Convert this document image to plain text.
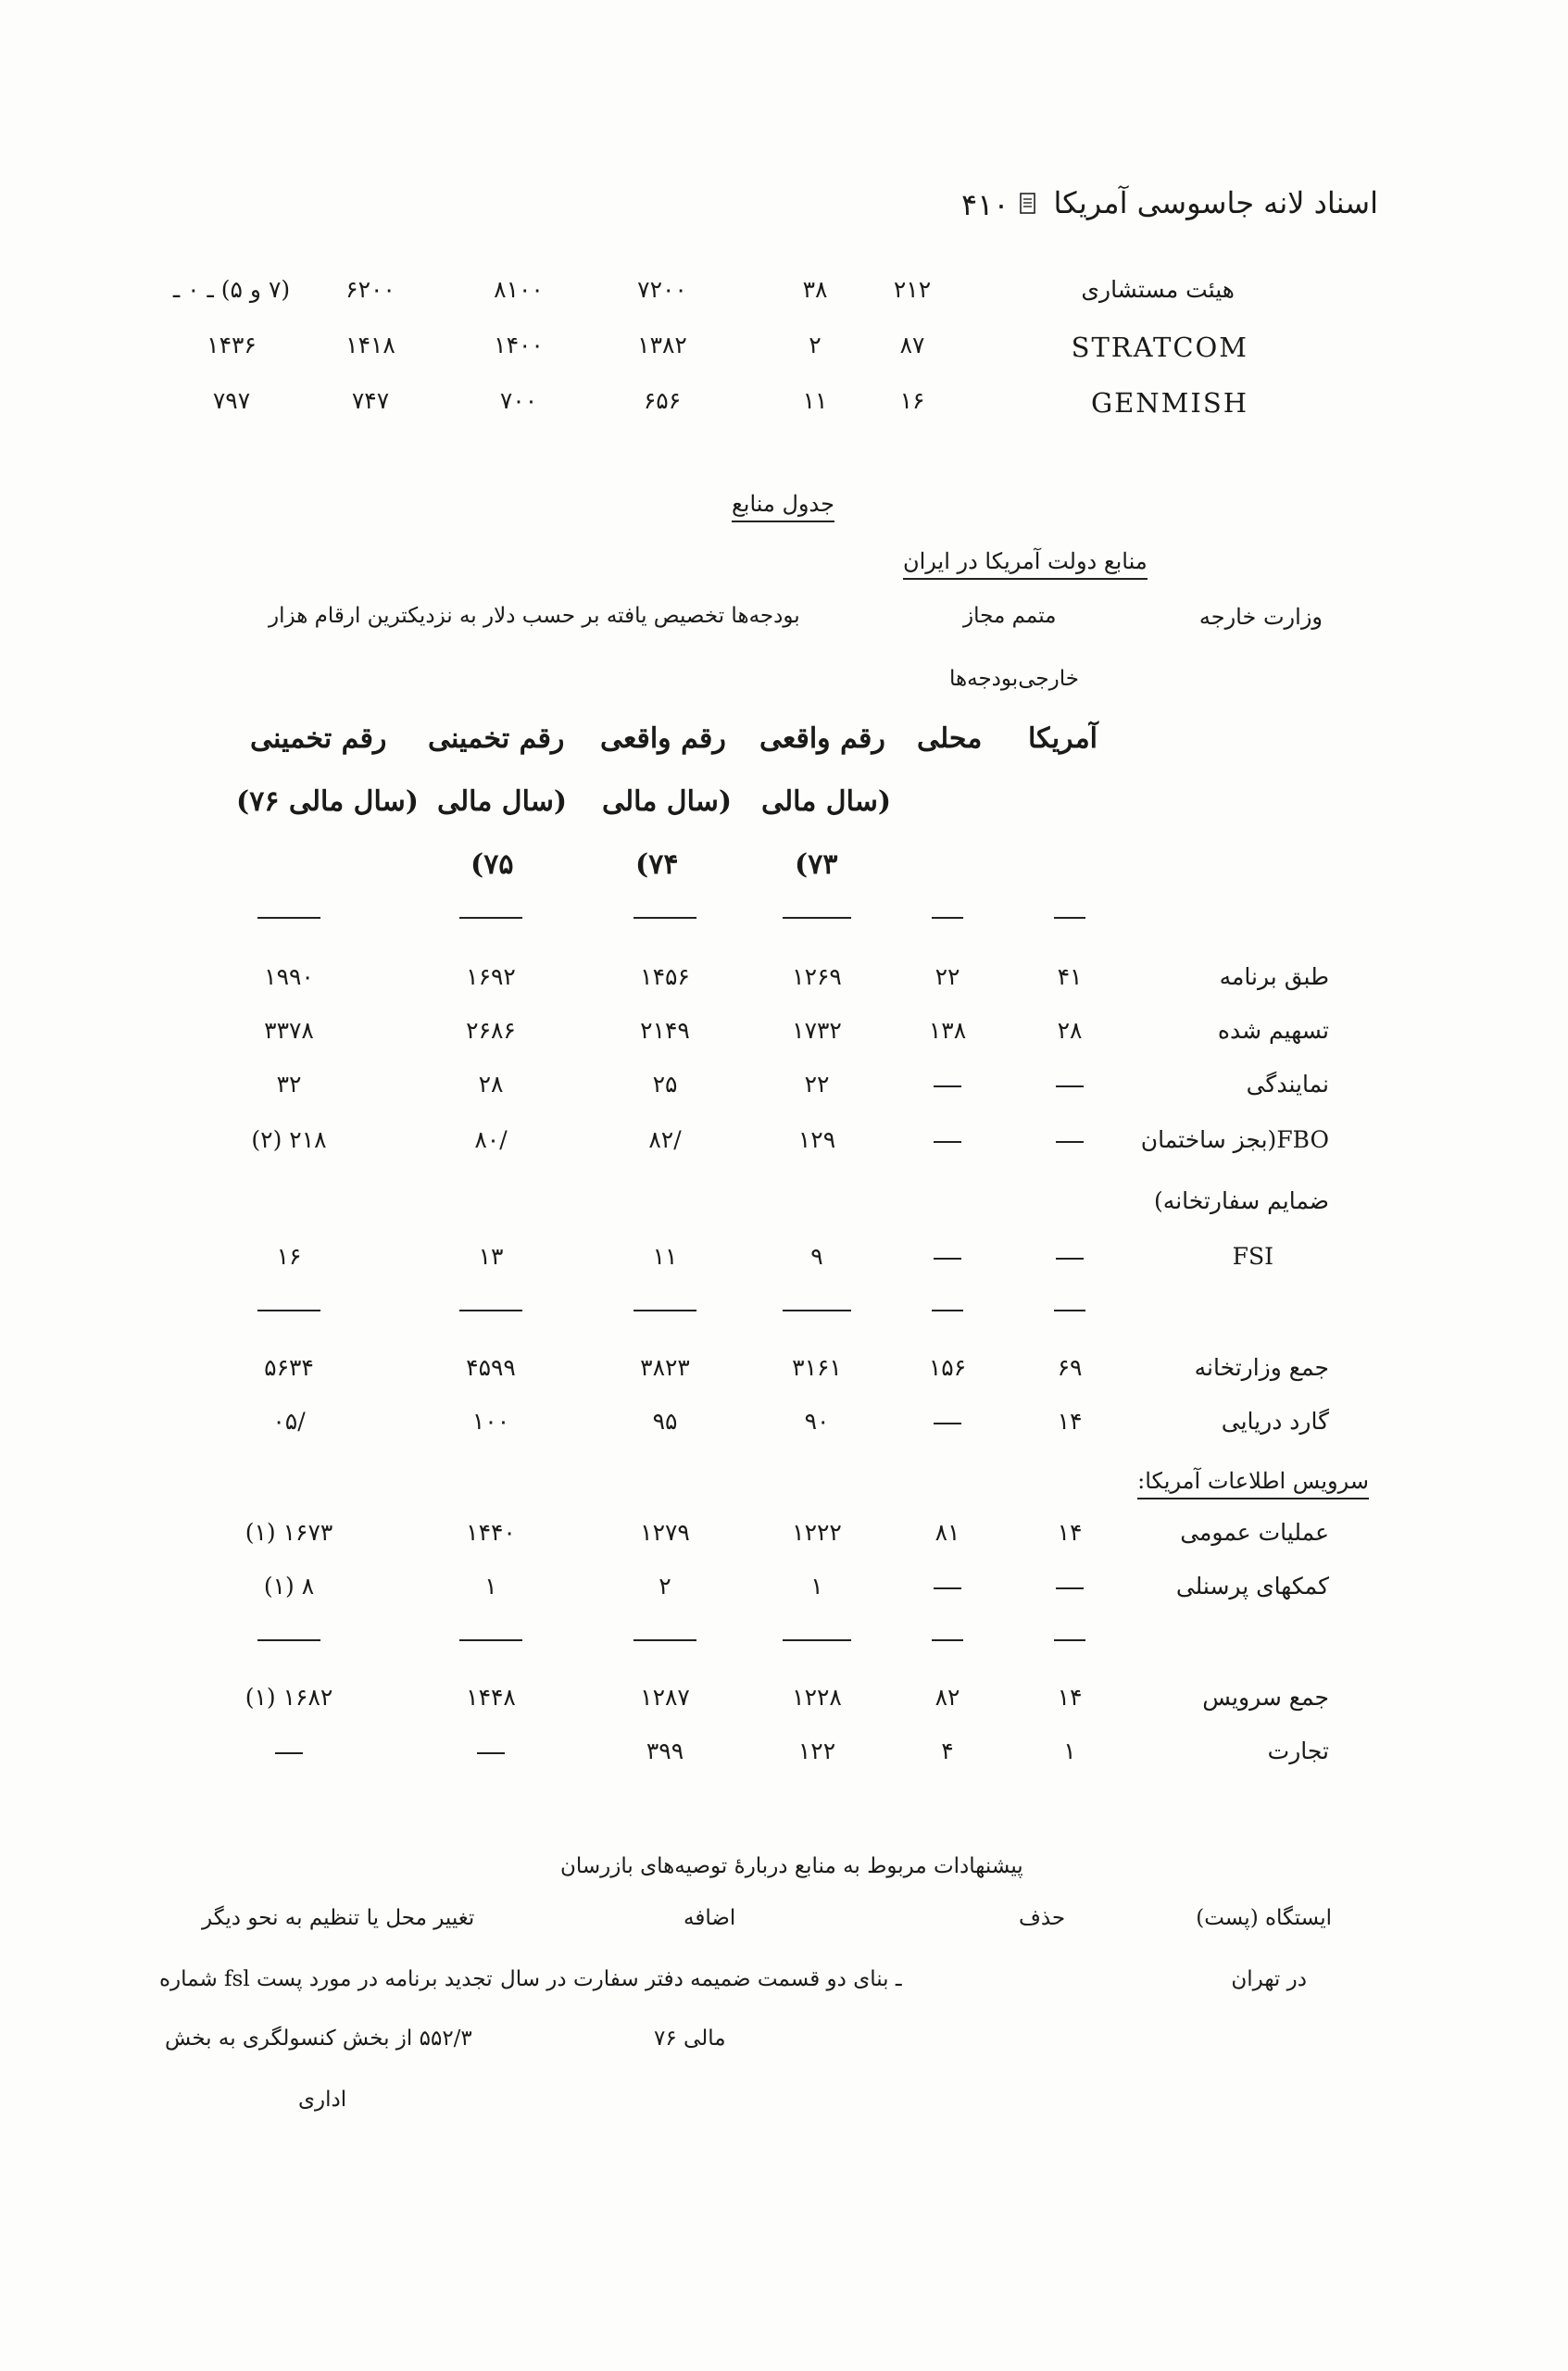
اسناد لانه جاسوسی آمریکا
۴۱۰
هیئت مستشاری
۲۱۲
۳۸
۷۲۰۰
۸۱۰۰
۶۲۰۰
(۷ و ۵) ـ ۰ ـ
STRATCOM
۸۷
۲
۱۳۸۲
۱۴۰۰
۱۴۱۸
۱۴۳۶
GENMISH
۱۶
۱۱
۶۵۶
۷۰۰
۷۴۷
۷۹۷
جدول منابع
منابع دولت آمریکا در ایران
وزارت خارجه
متمم مجاز
بودجه‌ها تخصیص یافته بر حسب دلار به نزدیکترین ارقام هزار
خارجی‌بودجه‌ها
آمریکا
محلی
رقم واقعی
(سال مالی
۷۳)
رقم واقعی
(سال مالی
۷۴)
رقم تخمینی
(سال مالی
۷۵)
رقم تخمینی
(سال مالی ۷۶)
طبق برنامه
۴۱
۲۲
۱۲۶۹
۱۴۵۶
۱۶۹۲
۱۹۹۰
تسهیم شده
۲۸
۱۳۸
۱۷۳۲
۲۱۴۹
۲۶۸۶
۳۳۷۸
نمایندگی
۲۲
۲۵
۲۸
۳۲
FBO(بجز ساختمان
۱۲۹
/۸۲
/۸۰
۲۱۸ (۲)
ضمایم سفارتخانه)
FSI
۹
۱۱
۱۳
۱۶
جمع وزارتخانه
۶۹
۱۵۶
۳۱۶۱
۳۸۲۳
۴۵۹۹
۵۶۳۴
گارد دریایی
۱۴
۹۰
۹۵
۱۰۰
/۰۵
عملیات عمومی
۱۴
۸۱
۱۲۲۲
۱۲۷۹
۱۴۴۰
۱۶۷۳ (۱)
کمکهای پرسنلی
۱
۲
۱
۸ (۱)
جمع سرویس
۱۴
۸۲
۱۲۲۸
۱۲۸۷
۱۴۴۸
۱۶۸۲ (۱)
تجارت
۱
۴
۱۲۲
۳۹۹
سرویس اطلاعات آمریکا:
پیشنهادات مربوط به منابع دربارهٔ توصیه‌های بازرسان
ایستگاه (پست)
حذف
اضافه
تغییر محل یا تنظیم به نحو دیگر
در تهران
ـ بنای دو قسمت ضمیمه دفتر سفارت در سال
مالی ۷۶
تجدید برنامه در مورد پست fsl شماره
۵۵۲/۳ از بخش کنسولگری به بخش
اداری
